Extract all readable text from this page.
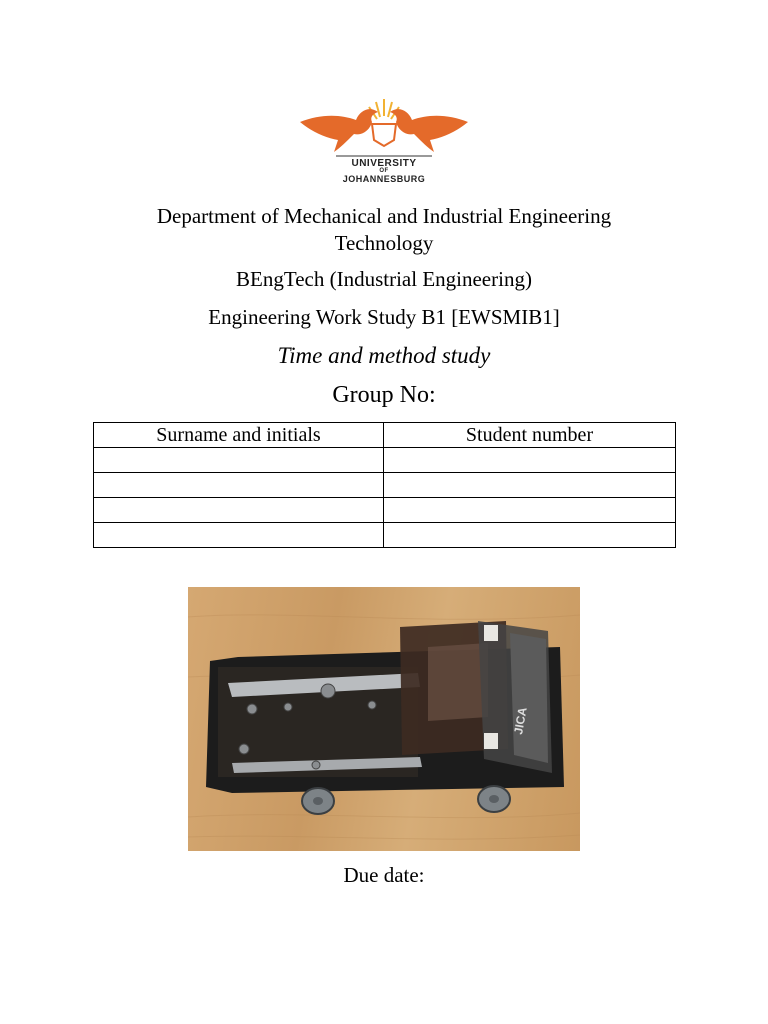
UNIVERSITY
OF
JOHANNESBURG
Department of Mechanical and Industrial Engineering Technology
BEngTech (Industrial Engineering)
Engineering Work Study B1 [EWSMIB1]
Time and method study
Group No:
Surname and initials	Student number

JICA
Due date:
